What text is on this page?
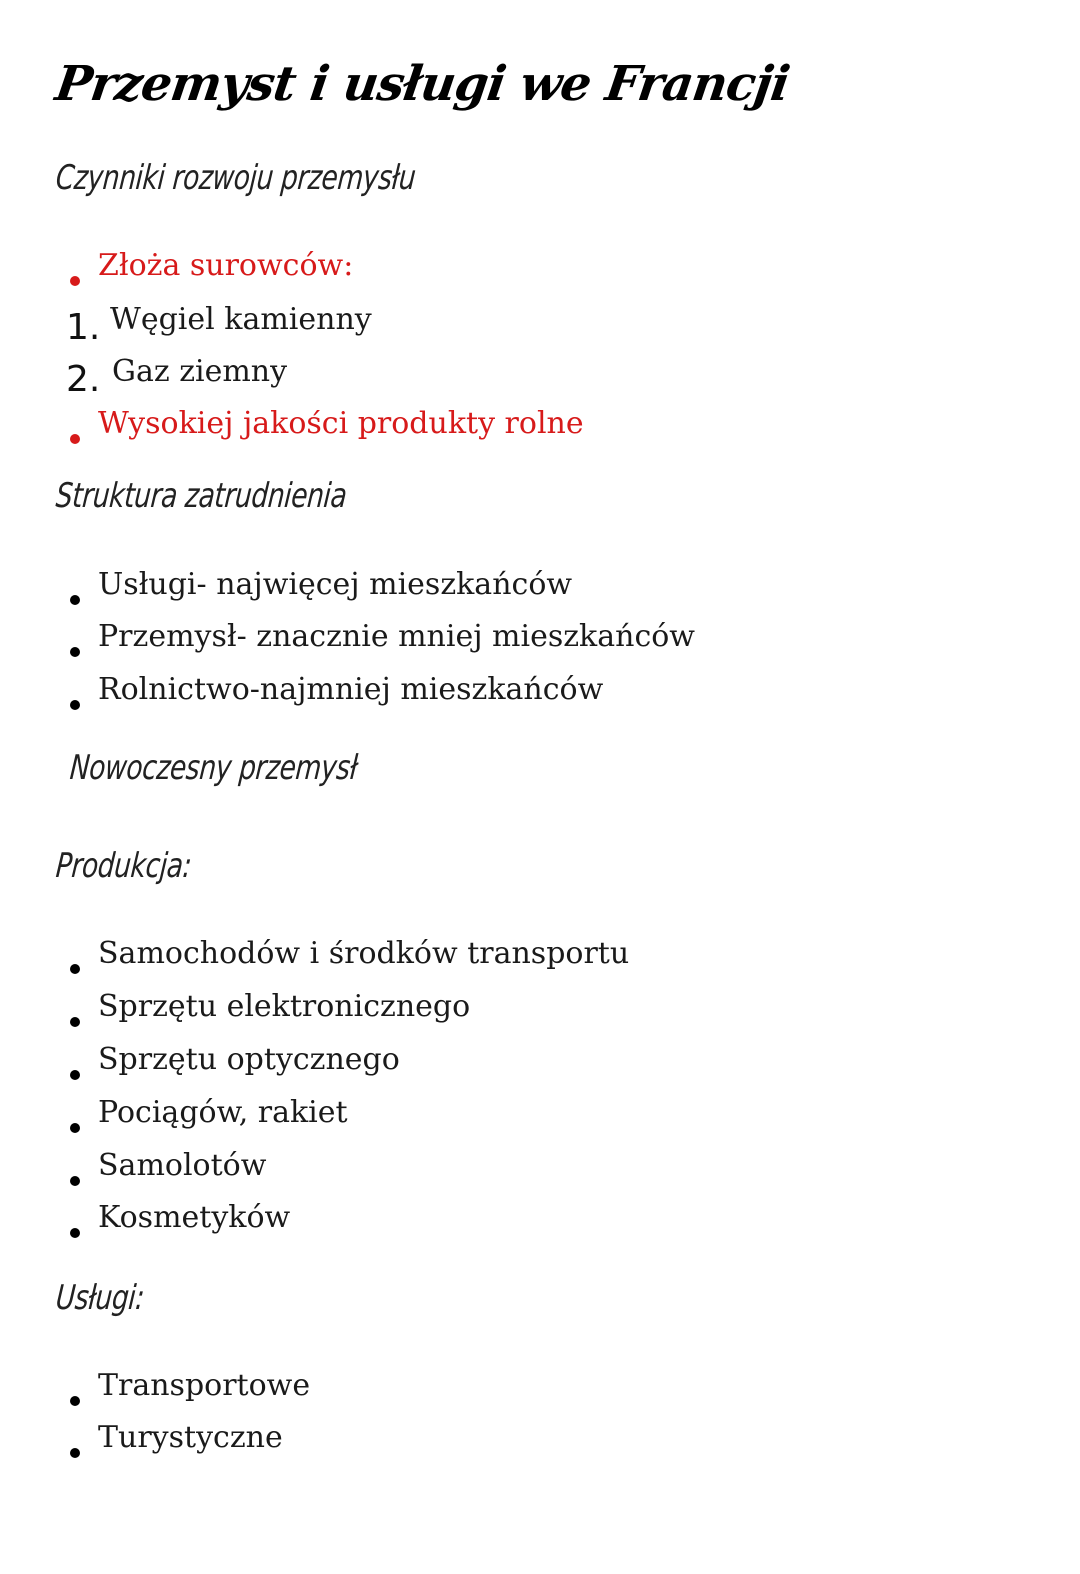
Przemyst i usługi we Francji
Czynniki rozwoju przemysłu
Złoża surowców:
1. Węgiel kamienny
2. Gaz ziemny
Wysokiej jakości produkty rolne
Struktura zatrudnienia
Usługi- najwięcej mieszkańców
Przemysł- znacznie mniej mieszkańców
Rolnictwo-najmniej mieszkańców
Nowoczesny przemysł
Produkcja:
Samochodów i środków transportu
Sprzętu elektronicznego
Sprzętu optycznego
Pociągów, rakiet
Samolotów
Kosmetyków
Usługi:
Transportowe
Turystyczne
